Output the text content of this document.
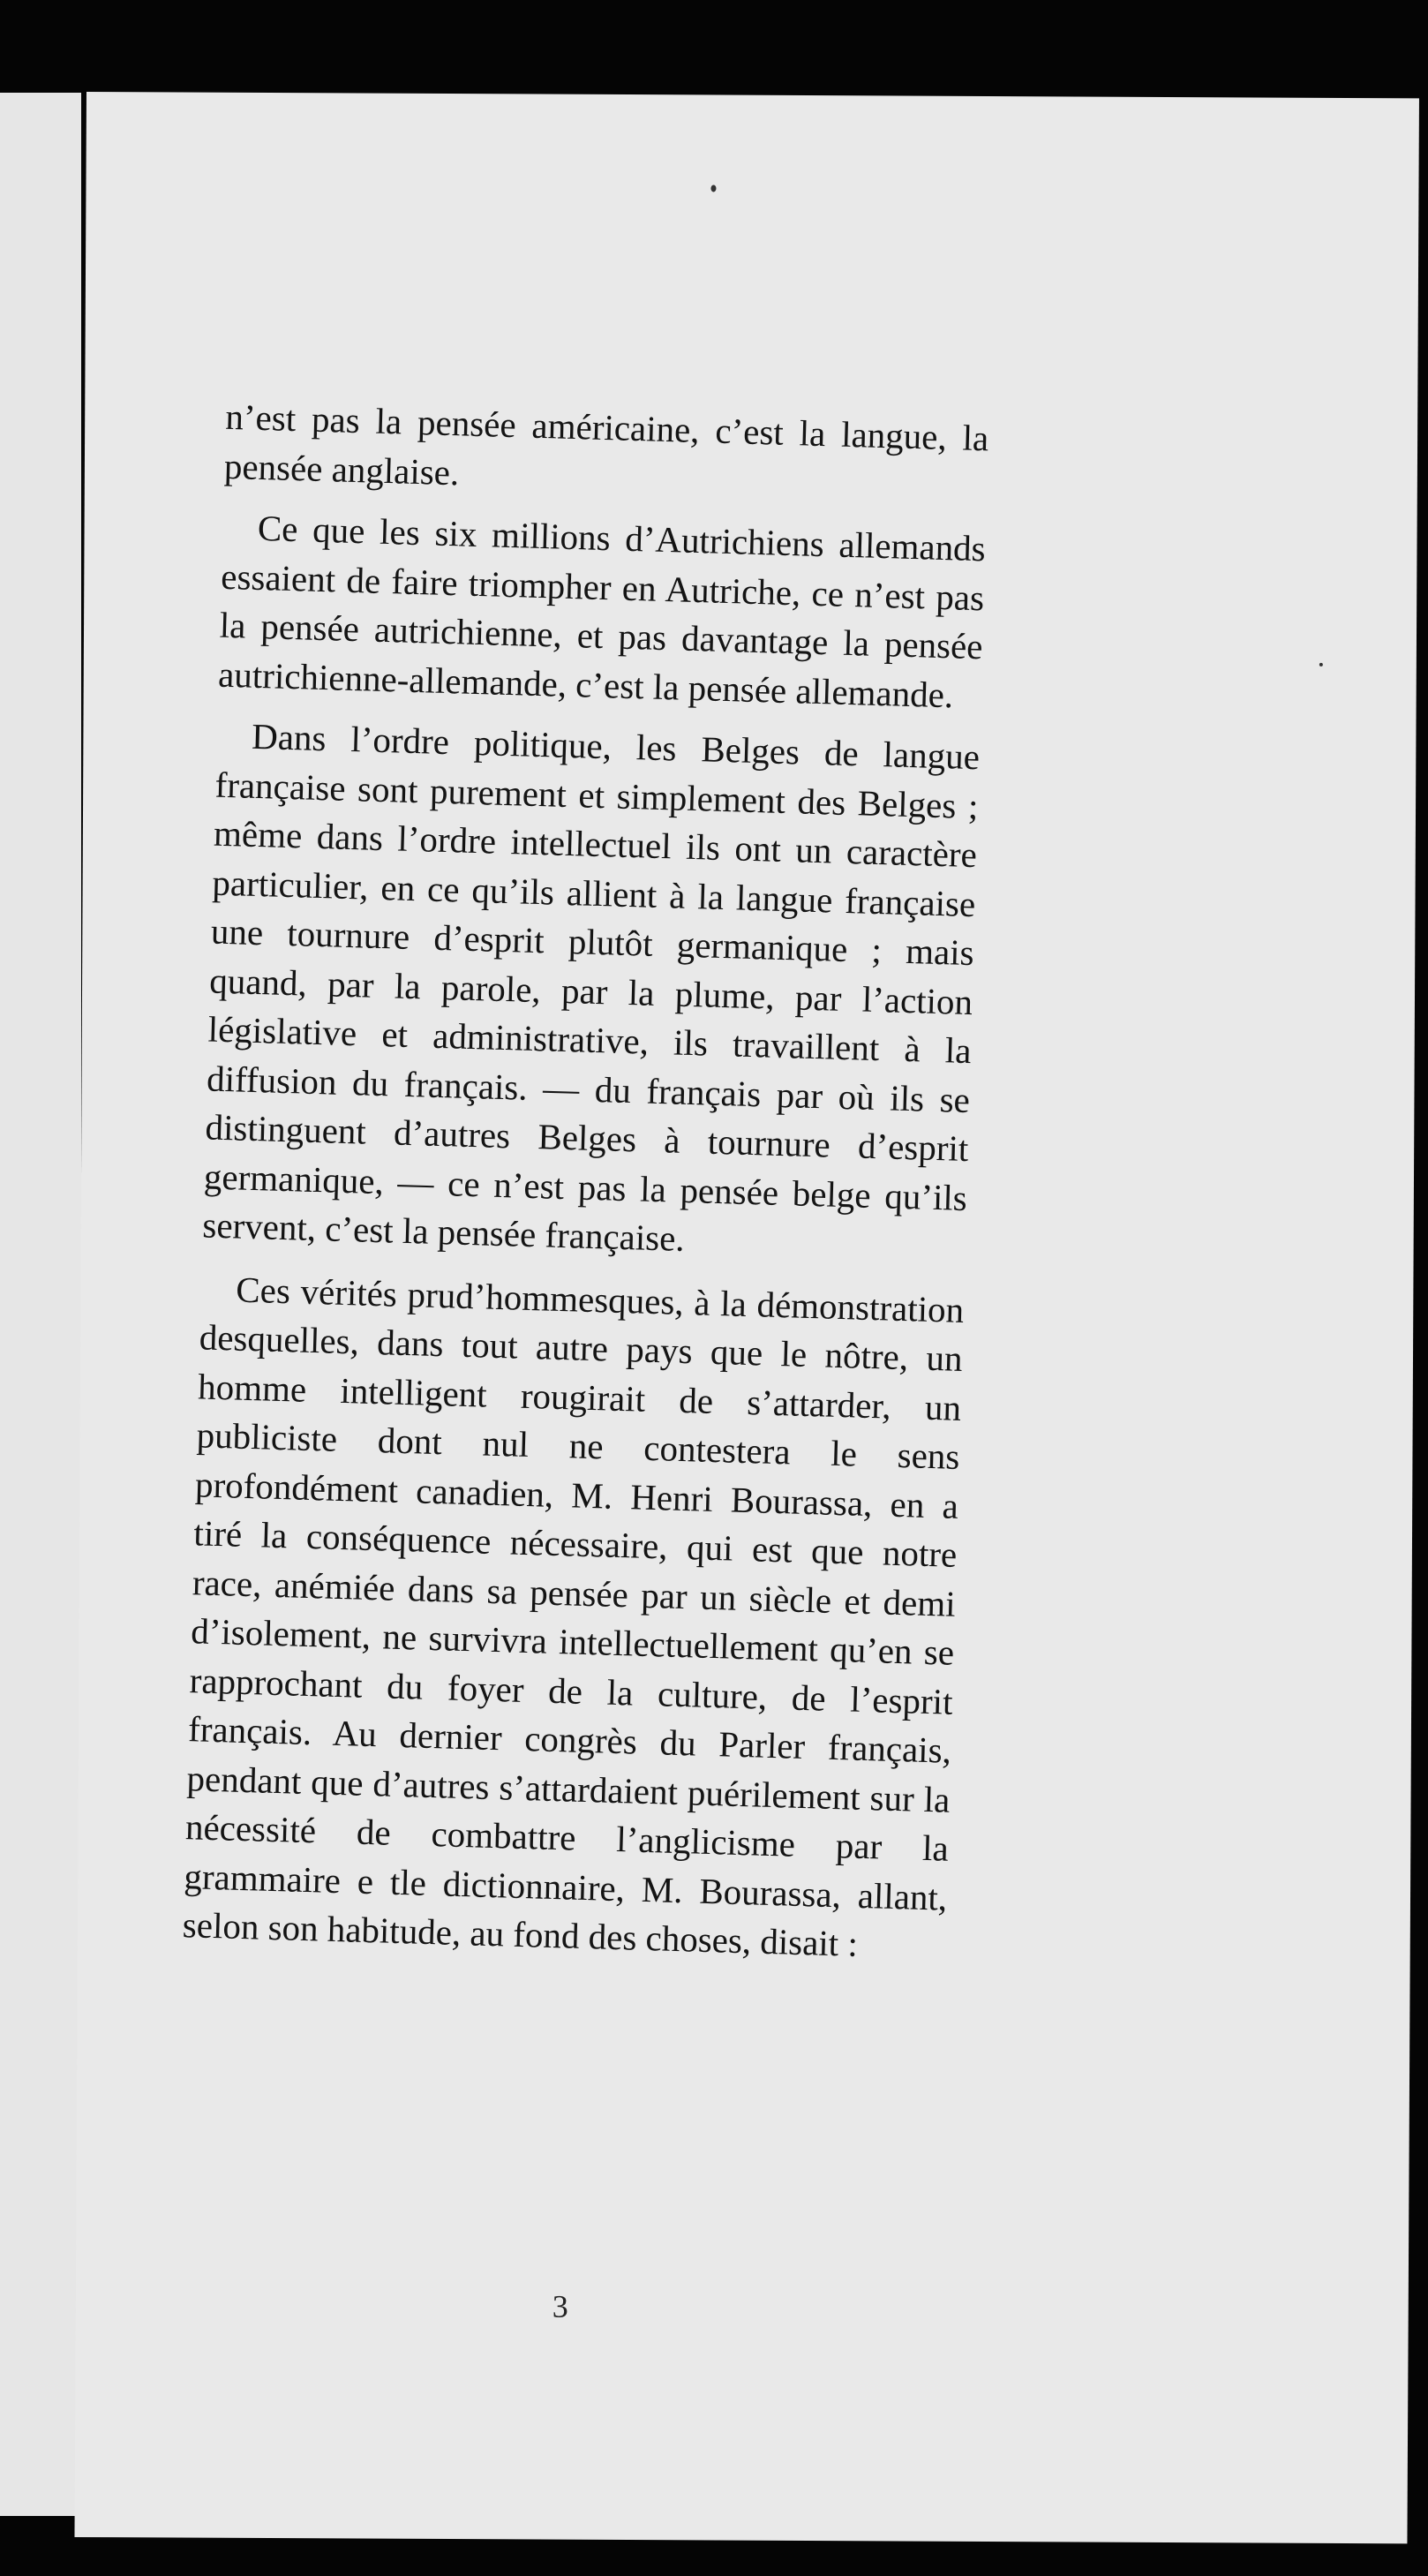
n’est pas la pensée américaine, c’est la langue, la pensée anglaise.

Ce que les six millions d’Autrichiens allemands essaient de faire triompher en Autriche, ce n’est pas la pensée autrichienne, et pas davantage la pensée autrichienne-allemande, c’est la pensée allemande.

Dans l’ordre politique, les Belges de langue française sont purement et simplement des Belges ; même dans l’ordre intellectuel ils ont un caractère particulier, en ce qu’ils allient à la langue française une tournure d’esprit plutôt germanique ; mais quand, par la parole, par la plume, par l’action législative et administrative, ils travaillent à la diffusion du français. — du français par où ils se distinguent d’autres Belges à tournure d’esprit germanique, — ce n’est pas la pensée belge qu’ils servent, c’est la pensée française.

Ces vérités prud’hommesques, à la démonstration desquelles, dans tout autre pays que le nôtre, un homme intelligent rougirait de s’attarder, un publiciste dont nul ne contestera le sens profondément canadien, M. Henri Bourassa, en a tiré la conséquence nécessaire, qui est que notre race, anémiée dans sa pensée par un siècle et demi d’isolement, ne survivra intellectuellement qu’en se rapprochant du foyer de la culture, de l’esprit français. Au dernier congrès du Parler français, pendant que d’autres s’attardaient puérilement sur la nécessité de combattre l’anglicisme par la grammaire e tle dictionnaire, M. Bourassa, allant, selon son habitude, au fond des choses, disait :

3
